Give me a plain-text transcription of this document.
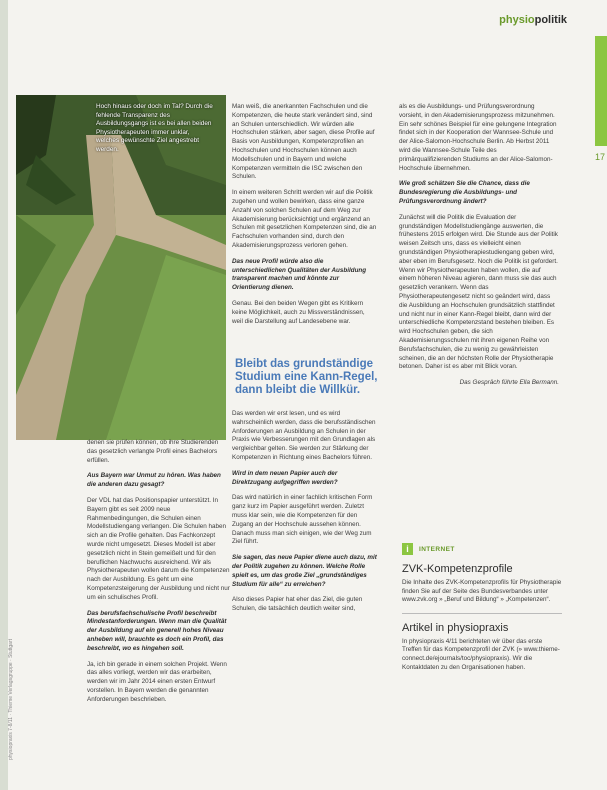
physiopolitik
17
Hoch hinaus oder doch im Tal? Durch die fehlende Transparenz des Ausbildungsgangs ist es bei allen beiden Physiotherapeuten immer unklar, welches gewünschte Ziel angestrebt werden.

denen sie prüfen können, ob ihre Studierenden das gesetzlich verlangte Profil eines Bachelors erfüllen.

Aus Bayern war Unmut zu hören. Was haben die anderen dazu gesagt?

Der VDL hat das Positionspapier unterstützt. In Bayern gibt es seit 2009 neue Rahmenbedingungen, die Schulen einen Modellstudiengang verlangen. Die Schulen haben sich an die Profile gehalten. Das Fachkonzept wurde nicht umgesetzt. Dieses Modell ist aber gesetzlich nicht in Stein gemeißelt und für den beruflichen Nachwuchs ausreichend. Wir als Physiotherapeuten wollen darum die Kompetenzen nach der Ausbildung. Es geht um eine Kompetenzsteigerung der Ausbildung und nicht nur um ein schulisches Profil.

Das berufsfachschulische Profil beschreibt Mindestanforderungen. Wenn man die Qualität der Ausbildung auf ein generell hohes Niveau anheben will, brauchte es doch ein Profil, das beschreibt, wo es hingehen soll.

Ja, ich bin gerade in einem solchen Projekt. Wenn das alles vorliegt, werden wir das erarbeiten, werden wir im Jahr 2014 einen ersten Entwurf vorstellen. In Bayern werden die genannten Anforderungen beschrieben.

Man weiß, die anerkannten Fachschulen und die Kompetenzen, die heute stark verändert sind, sind an Schulen unterschiedlich. Wir würden alle Hochschulen stärken, aber sagen, diese Profile auf Basis von Ausbildungen, Kompetenzprofilen an Hochschulen und Hochschulen können auch Modellschulen und in Bayern und welche Kompetenzen vermitteln die ISC zwischen den Schulen.

In einem weiteren Schritt werden wir auf die Politik zugehen und wollen bewirken, dass eine ganze Anzahl von solchen Schulen auf dem Weg zur Akademisierung berücksichtigt und ergänzend an Schulen mit gesetzlichen Kompetenzen sind, die an Fachschulen vorhanden sind, durch den Akademisierungsprozess verloren gehen.

Das neue Profil würde also die unterschiedlichen Qualitäten der Ausbildung transparent machen und könnte zur Orientierung dienen.

Genau. Bei den beiden Wegen gibt es Kritikern keine Möglichkeit, auch zu Missverständnissen, weil die Darstellung auf Landesebene war.

Bleibt das grundständige Studium eine Kann-Regel, dann bleibt die Willkür.

Das werden wir erst lesen, und es wird wahrscheinlich werden, dass die berufsständischen Anforderungen an Ausbildung an Schulen in der Praxis wie Verbesserungen mit den Grundlagen als vergleichbar gelten. Sie werden zur Stärkung der Kompetenzen in Richtung eines Bachelors führen.

Wird in dem neuen Papier auch der Direktzugang aufgegriffen werden?

Das wird natürlich in einer fachlich kritischen Form ganz kurz im Papier ausgeführt werden. Zuletzt muss klar sein, wie die Kompetenzen für den Zugang an der Hochschule aussehen können. Danach muss man sich einigen, wie der Weg zum Ziel führt.

Sie sagen, das neue Papier diene auch dazu, mit der Politik zugehen zu können. Welche Rolle spielt es, um das große Ziel „grundständiges Studium für alle“ zu erreichen?

Also dieses Papier hat eher das Ziel, die guten Schulen, die tatsächlich deutlich weiter sind,

als es die Ausbildungs- und Prüfungsverordnung vorsieht, in den Akademisierungsprozess mitzunehmen. Ein sehr schönes Beispiel für eine gelungene Integration findet sich in der Kooperation der Wannsee-Schule und der Alice-Salomon-Hochschule Berlin. Ab Herbst 2011 wird die Wannsee-Schule Teile des primärqualifizierenden Studiums an der Alice-Salomon-Hochschule übernehmen.

Wie groß schätzen Sie die Chance, dass die Bundesregierung die Ausbildungs- und Prüfungsverordnung ändert?

Zunächst will die Politik die Evaluation der grundständigen Modellstudiengänge auswerten, die frühestens 2015 erfolgen wird. Die Stunde aus der Politik weisen Zeitsch uns, dass es vielleicht einen grundständigen Physiotherapiestudiengang geben wird, aber eben im Berufsgesetz. Noch die Politik ist gefordert. Wenn wir Physiotherapeuten haben wollen, die auf einem höheren Niveau agieren, dann muss sie das auch gesetzlich verankern. Wenn das Physiotherapeutengesetz nicht so geändert wird, dass die Ausbildung an Hochschulen grundsätzlich stattfindet und nicht nur in einer Kann-Regel bleibt, dann wird der unterschiedliche Kompetenzstand bestehen bleiben. Es wird Hochschulen geben, die sich Akademisierungsschulen mit ihren eigenen Reihe von Berufsfachschulen, die zu wenig zu gewährleisten scheinen, die an der höchsten Rolle der Physiotherapie betonen. Daher ist es aber mit Blick voran.

Das Gespräch führte Ella Bermann.

i	INTERNET
ZVK-Kompetenzprofile

Die Inhalte des ZVK-Kompetenzprofils für Physiotherapie finden Sie auf der Seite des Bundesverbandes unter www.zvk.org » „Beruf und Bildung“ » „Kompetenzen“.

Artikel in physiopraxis

In physiopraxis 4/11 berichteten wir über das erste Treffen für das Kompetenzprofil der ZVK (» www.thieme-connect.de/ejournals/toc/physiopraxis). Wir die Kontaktdaten zu den Organisationen haben.

physiopraxis 7-8/11 · Thieme Verlagsgruppe · Stuttgart
